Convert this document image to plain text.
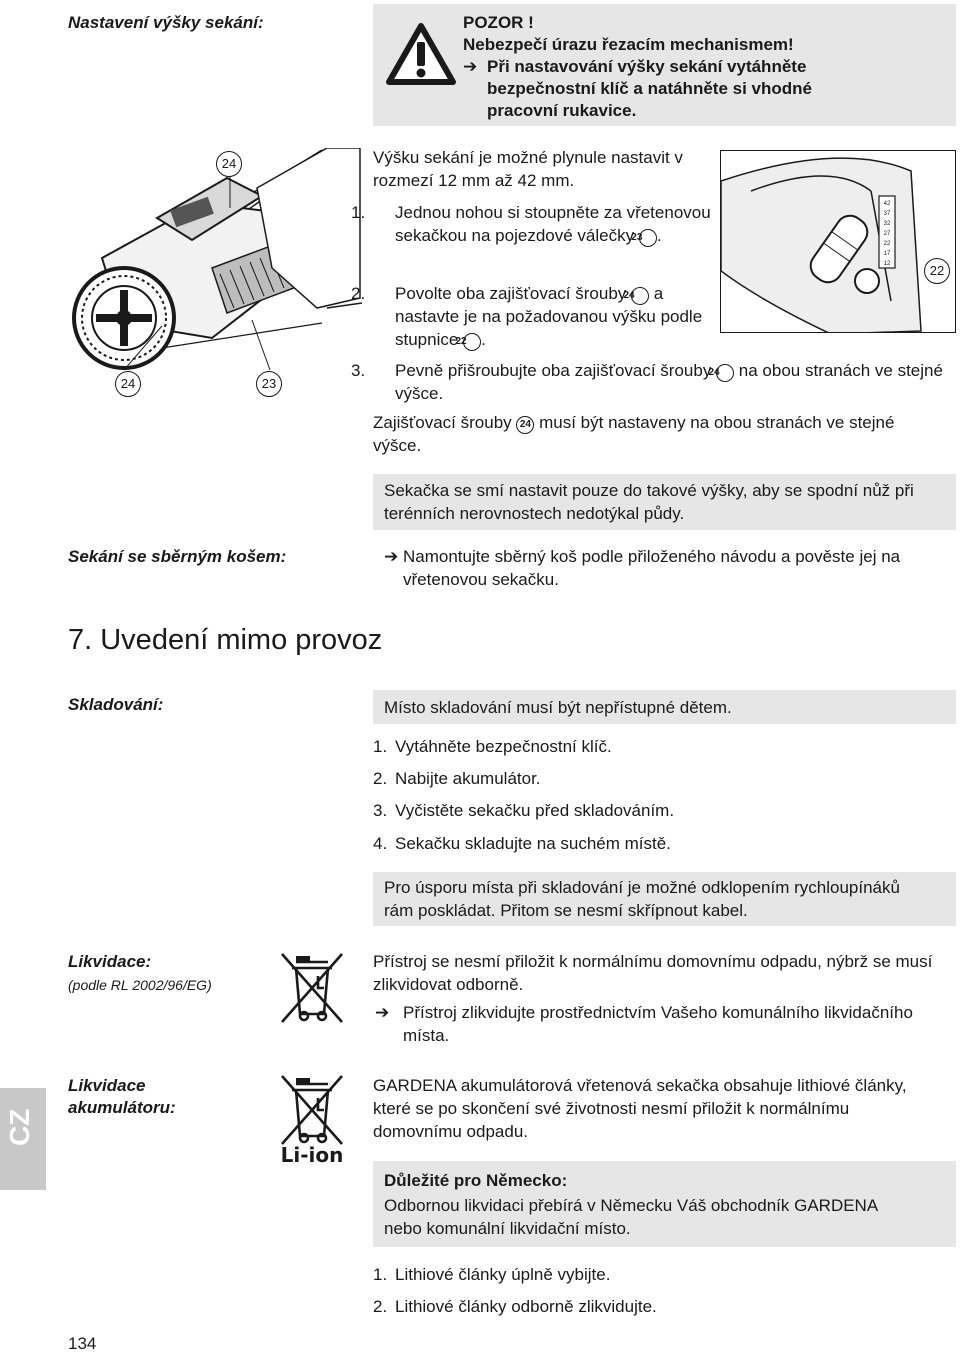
Nastavení výšky sekání:	POZOR !
Nebezpečí úrazu řezacím mechanismem!
➔ Při nastavování výšky sekání vytáhněte bezpečnostní klíč a natáhněte si vhodné pracovní rukavice.
24
24	23
42
37
32
27
22
17
12	22
Výšku sekání je možné plynule nastavit v rozmezí 12 mm až 42 mm.
1. Jednou nohou si stoupněte za vřetenovou sekačkou na pojezdové válečky 23 .
2. Povolte oba zajišťovací šrouby 24 a nastavte je na požadovanou výšku podle stupnice 22 .
3. Pevně přišroubujte oba zajišťovací šrouby 24 na obou stranách ve stejné výšce.
Zajišťovací šrouby 24 musí být nastaveny na obou stranách ve stejné výšce.
Sekačka se smí nastavit pouze do takové výšky, aby se spodní nůž při terénních nerovnostech nedotýkal půdy.
Sekání se sběrným košem:	➔ Namontujte sběrný koš podle přiloženého návodu a pověste jej na vřetenovou sekačku.
7. Uvedení mimo provoz
Skladování:	Místo skladování musí být nepřístupné dětem.
1. Vytáhněte bezpečnostní klíč.
2. Nabijte akumulátor.
3. Vyčistěte sekačku před skladováním.
4. Sekačku skladujte na suchém místě.
Pro úsporu místa při skladování je možné odklopením rychloupínáků rám poskládat. Přitom se nesmí skřípnout kabel.
Likvidace:
(podle RL 2002/96/EG)
Přístroj se nesmí přiložit k normálnímu domovnímu odpadu, nýbrž se musí zlikvidovat odborně.
➔ Přístroj zlikvidujte prostřednictvím Vašeho komunálního likvidačního místa.
Likvidace
akumulátoru:
Li-ion
GARDENA akumulátorová vřetenová sekačka obsahuje lithiové články, které se po skončení své životnosti nesmí přiložit k normálnímu domovnímu odpadu.
Důležité pro Německo:
Odbornou likvidaci přebírá v Německu Váš obchodník GARDENA nebo komunální likvidační místo.
1. Lithiové články úplně vybijte.
2. Lithiové články odborně zlikvidujte.
CZ
134
